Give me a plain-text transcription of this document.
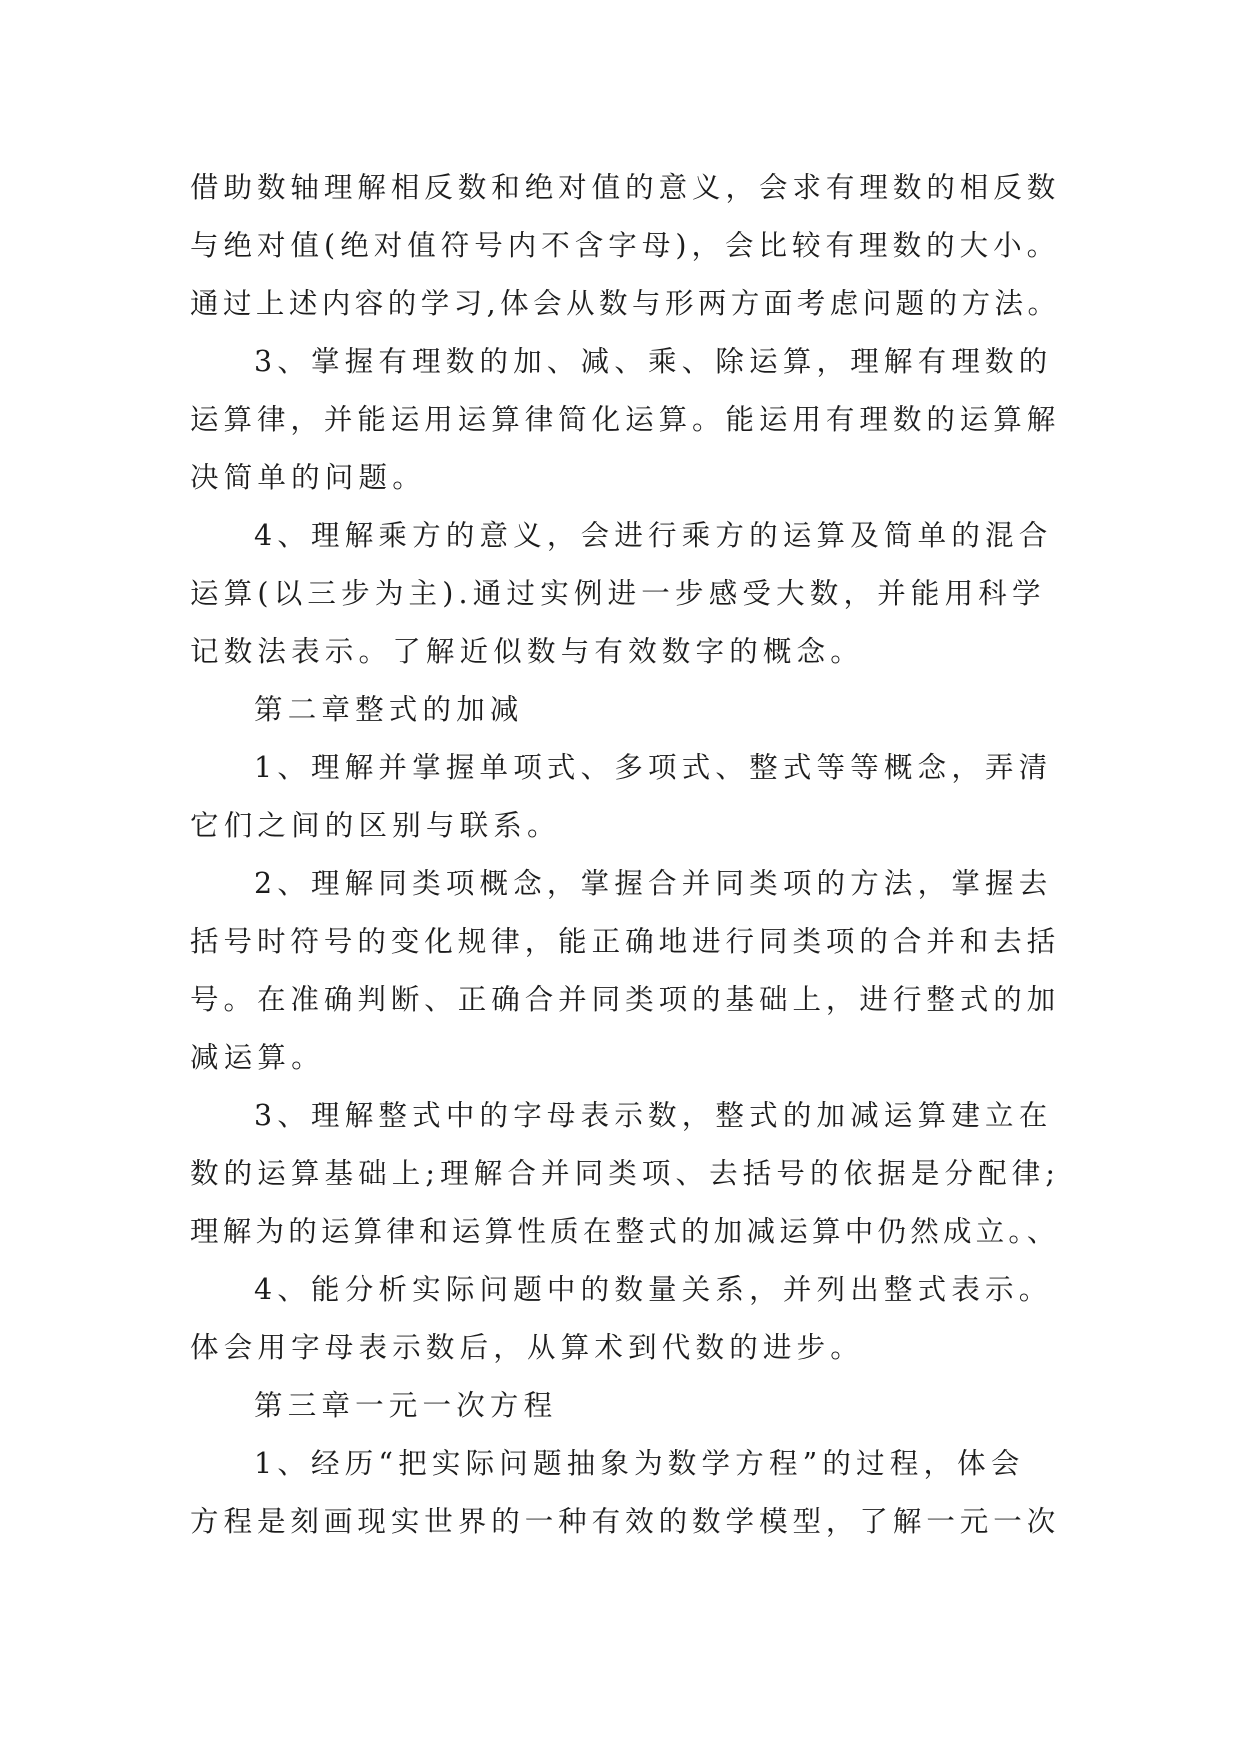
借助数轴理解相反数和绝对值的意义，会求有理数的相反数

与绝对值(绝对值符号内不含字母)，会比较有理数的大小。

通过上述内容的学习,体会从数与形两方面考虑问题的方法。

3、掌握有理数的加、减、乘、除运算，理解有理数的

运算律，并能运用运算律简化运算。能运用有理数的运算解

决简单的问题。

4、理解乘方的意义，会进行乘方的运算及简单的混合

运算(以三步为主).通过实例进一步感受大数，并能用科学

记数法表示。了解近似数与有效数字的概念。

第二章整式的加减

1、理解并掌握单项式、多项式、整式等等概念，弄清

它们之间的区别与联系。

2、理解同类项概念，掌握合并同类项的方法，掌握去

括号时符号的变化规律，能正确地进行同类项的合并和去括

号。在准确判断、正确合并同类项的基础上，进行整式的加

减运算。

3、理解整式中的字母表示数，整式的加减运算建立在

数的运算基础上;理解合并同类项、去括号的依据是分配律;

理解为的运算律和运算性质在整式的加减运算中仍然成立。、

4、能分析实际问题中的数量关系，并列出整式表示。

体会用字母表示数后，从算术到代数的进步。

第三章一元一次方程

1、经历“把实际问题抽象为数学方程”的过程，体会

方程是刻画现实世界的一种有效的数学模型，了解一元一次
